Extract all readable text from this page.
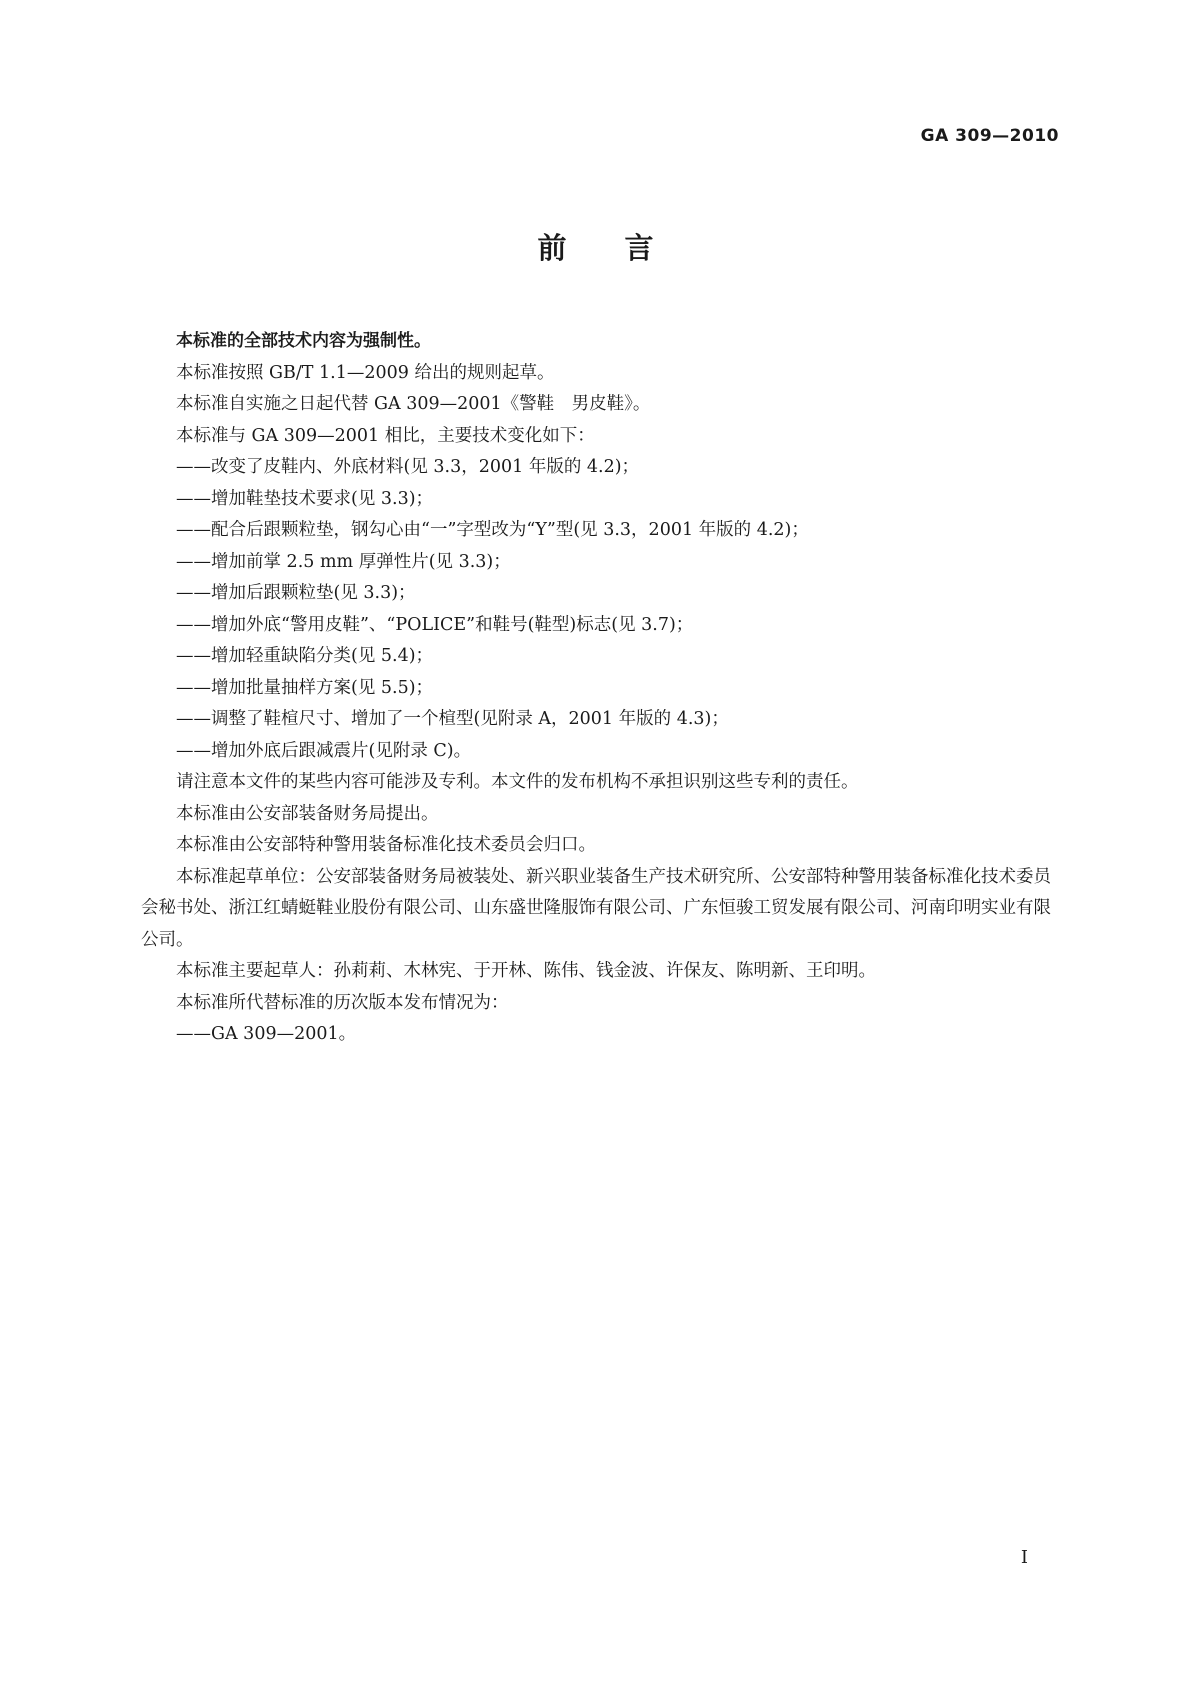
GA 309—2010
前言

本标准的全部技术内容为强制性。

本标准按照 GB/T 1.1—2009 给出的规则起草。

本标准自实施之日起代替 GA 309—2001《警鞋　男皮鞋》。

本标准与 GA 309—2001 相比，主要技术变化如下：

——改变了皮鞋内、外底材料(见 3.3，2001 年版的 4.2)；

——增加鞋垫技术要求(见 3.3)；

——配合后跟颗粒垫，钢勾心由“一”字型改为“Y”型(见 3.3，2001 年版的 4.2)；

——增加前掌 2.5 mm 厚弹性片(见 3.3)；

——增加后跟颗粒垫(见 3.3)；

——增加外底“警用皮鞋”、“POLICE”和鞋号(鞋型)标志(见 3.7)；

——增加轻重缺陷分类(见 5.4)；

——增加批量抽样方案(见 5.5)；

——调整了鞋楦尺寸、增加了一个楦型(见附录 A，2001 年版的 4.3)；

——增加外底后跟减震片(见附录 C)。

请注意本文件的某些内容可能涉及专利。本文件的发布机构不承担识别这些专利的责任。

本标准由公安部装备财务局提出。

本标准由公安部特种警用装备标准化技术委员会归口。

本标准起草单位：公安部装备财务局被装处、新兴职业装备生产技术研究所、公安部特种警用装备标准化技术委员会秘书处、浙江红蜻蜓鞋业股份有限公司、山东盛世隆服饰有限公司、广东恒骏工贸发展有限公司、河南印明实业有限公司。

本标准主要起草人：孙莉莉、木林宪、于开林、陈伟、钱金波、许保友、陈明新、王印明。

本标准所代替标准的历次版本发布情况为：

——GA 309—2001。

I
